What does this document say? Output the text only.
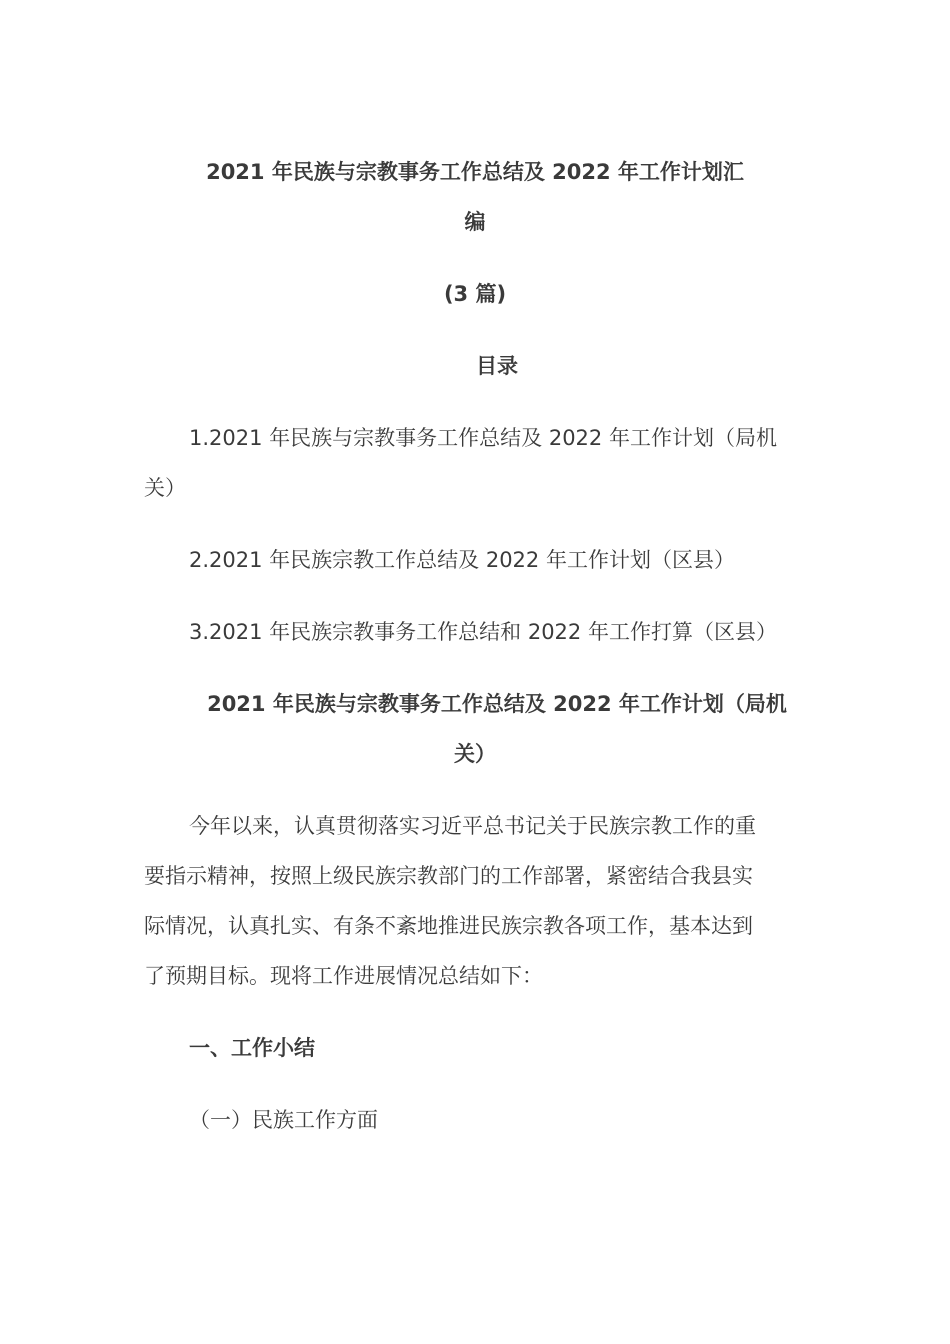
2021 年民族与宗教事务工作总结及 2022 年工作计划汇
编
(3 篇)
目录
1.2021 年民族与宗教事务工作总结及 2022 年工作计划（局机
关）
2.2021 年民族宗教工作总结及 2022 年工作计划（区县）
3.2021 年民族宗教事务工作总结和 2022 年工作打算（区县）
2021 年民族与宗教事务工作总结及 2022 年工作计划（局机
关）
今年以来，认真贯彻落实习近平总书记关于民族宗教工作的重
要指示精神，按照上级民族宗教部门的工作部署，紧密结合我县实
际情况，认真扎实、有条不紊地推进民族宗教各项工作，基本达到
了预期目标。现将工作进展情况总结如下：
一、工作小结
（一）民族工作方面
